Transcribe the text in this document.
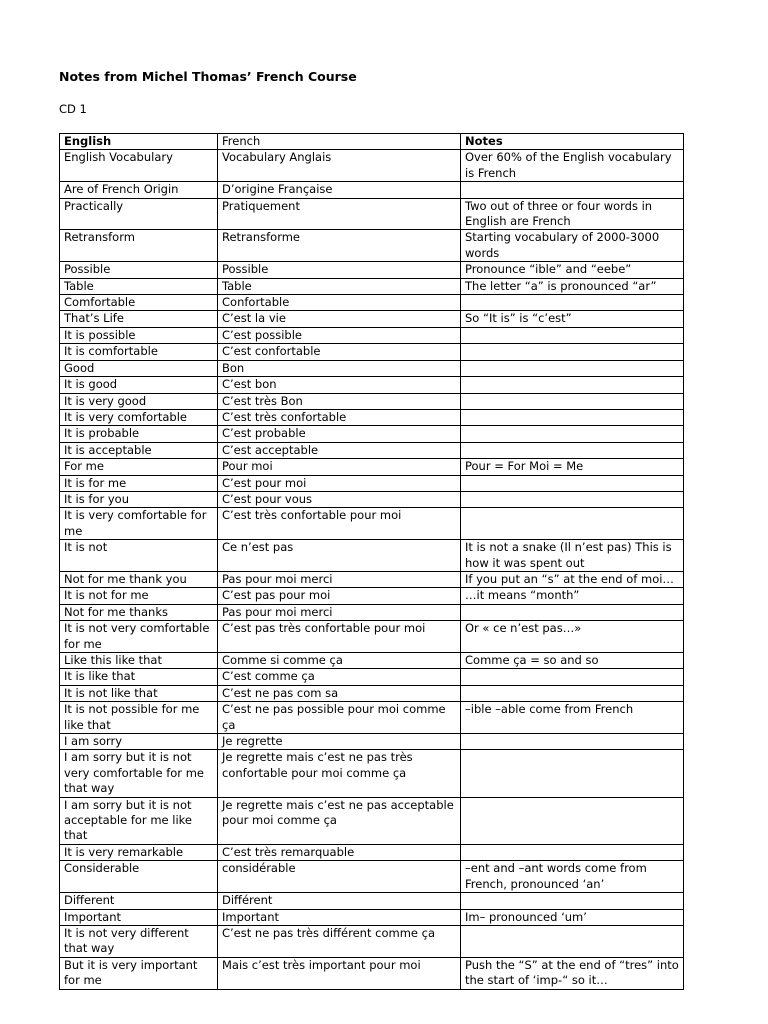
Notes from Michel Thomas’ French Course
CD 1
English	French	Notes
English Vocabulary	Vocabulary Anglais	Over 60% of the English vocabulary is French
Are of French Origin	D’origine Française	
Practically	Pratiquement	Two out of three or four words in English are French
Retransform	Retransforme	Starting vocabulary of 2000-3000 words
Possible	Possible	Pronounce “ible” and “eebe”
Table	Table	The letter “a” is pronounced “ar”
Comfortable	Confortable	
That’s Life	C’est la vie	So “It is” is “c’est”
It is possible	C’est possible	
It is comfortable	C’est confortable	
Good	Bon	
It is good	C’est bon	
It is very good	C’est très Bon	
It is very comfortable	C’est très confortable	
It is probable	C’est probable	
It is acceptable	C’est acceptable	
For me	Pour moi	Pour = For Moi = Me
It is for me	C’est pour moi	
It is for you	C’est pour vous	
It is very comfortable for me	C’est très confortable pour moi	
It is not	Ce n’est pas	It is not a snake (Il n’est pas) This is how it was spent out
Not for me thank you	Pas pour moi merci	If you put an “s” at the end of moi…
It is not for me	C’est pas pour moi	…it means “month”
Not for me thanks	Pas pour moi merci	
It is not very comfortable for me	C’est pas très confortable pour moi	Or « ce n’est pas…»
Like this like that	Comme si comme ça	Comme ça = so and so
It is like that	C’est comme ça	
It is not like that	C’est ne pas com sa	
It is not possible for me like that	C’est ne pas possible pour moi comme ça	–ible –able come from French
I am sorry	Je regrette	
I am sorry but it is not very comfortable for me that way	Je regrette mais c’est ne pas très confortable pour moi comme ça	
I am sorry but it is not acceptable for me like that	Je regrette mais c’est ne pas acceptable pour moi comme ça	
It is very remarkable	C’est très remarquable	
Considerable	considérable	–ent and –ant words come from French, pronounced ‘an’
Different	Différent	
Important	Important	Im– pronounced ‘um’
It is not very different that way	C’est ne pas très différent comme ça	
But it is very important for me	Mais c’est très important pour moi	Push the “S” at the end of “tres” into the start of ‘imp-“ so it…
